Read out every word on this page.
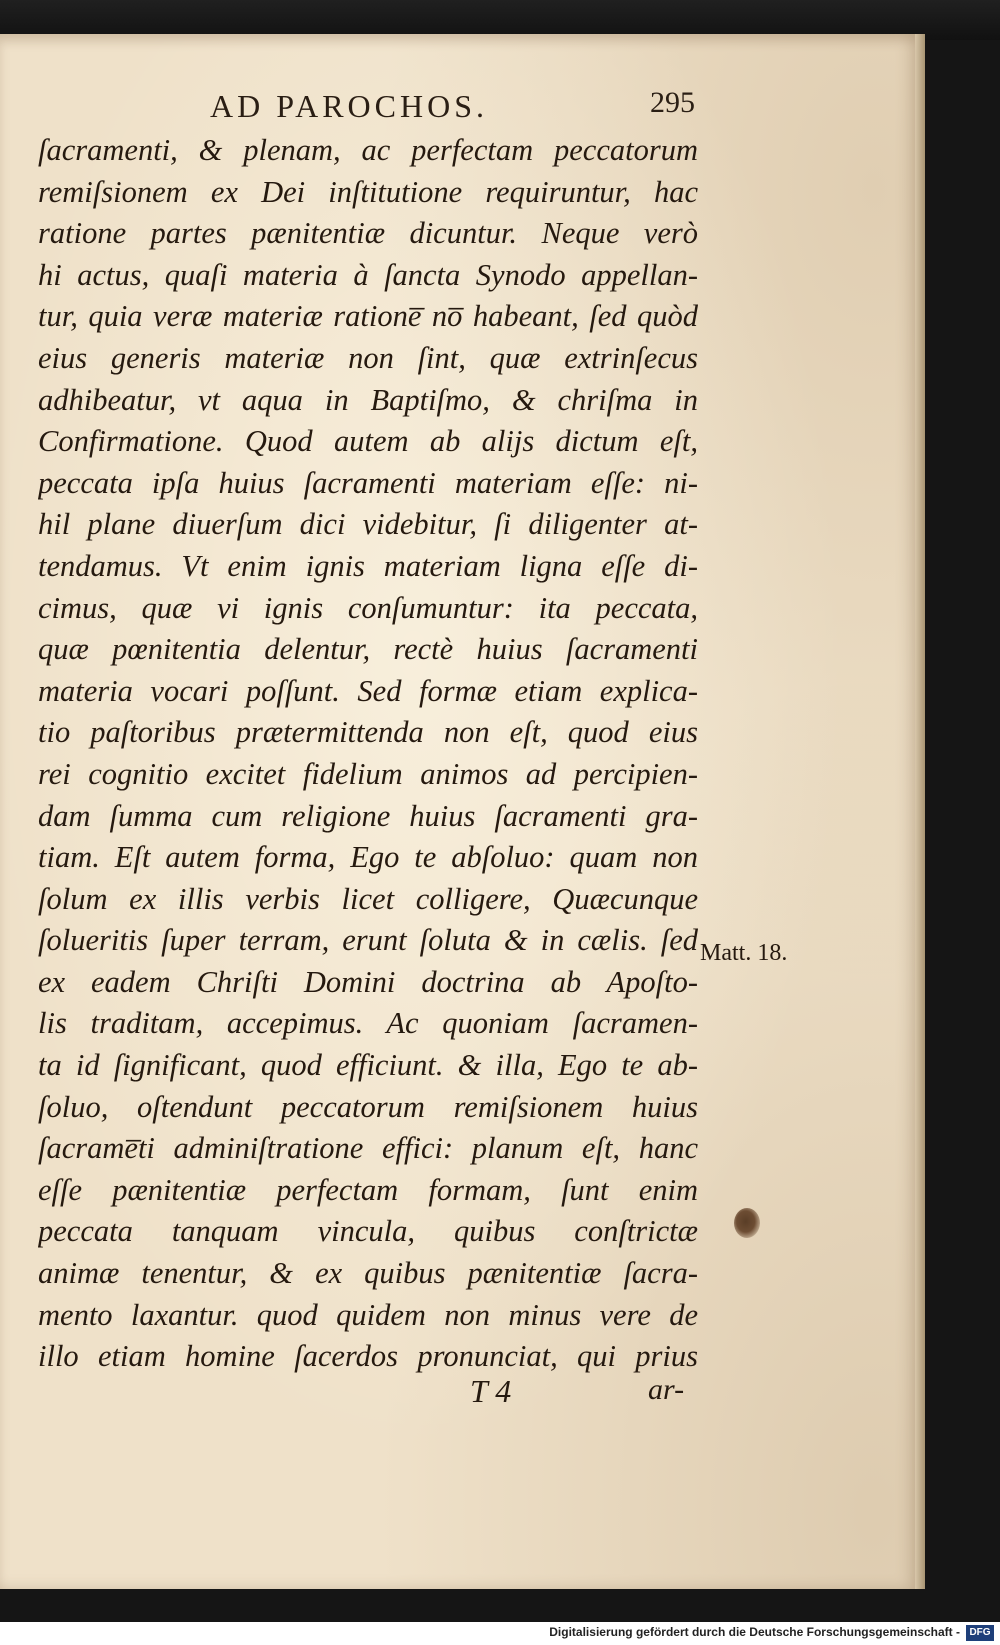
AD PAROCHOS.	295
ſacramenti, & plenam, ac perfectam peccatorum
remiſsionem ex Dei inſtitutione requiruntur, hac
ratione partes pænitentiæ dicuntur. Neque verò
hi actus, quaſi materia à ſancta Synodo appellan-
tur, quia veræ materiæ ratione̅ no̅ habeant, ſed quòd
eius generis materiæ non ſint, quæ extrinſecus
adhibeatur, vt aqua in Baptiſmo, & chriſma in
Confirmatione. Quod autem ab alijs dictum eſt,
peccata ipſa huius ſacramenti materiam eſſe: ni-
hil plane diuerſum dici videbitur, ſi diligenter at-
tendamus. Vt enim ignis materiam ligna eſſe di-
cimus, quæ vi ignis conſumuntur: ita peccata,
quæ pœnitentia delentur, rectè huius ſacramenti
materia vocari poſſunt. Sed formæ etiam explica-
tio paſtoribus prætermittenda non eſt, quod eius
rei cognitio excitet fidelium animos ad percipien-
dam ſumma cum religione huius ſacramenti gra-
tiam. Eſt autem forma, Ego te abſoluo: quam non
ſolum ex illis verbis licet colligere, Quæcunque
ſolueritis ſuper terram, erunt ſoluta & in cælis. ſed
ex eadem Chriſti Domini doctrina ab Apoſto-
lis traditam, accepimus. Ac quoniam ſacramen-
ta id ſignificant, quod efficiunt. & illa, Ego te ab-
ſoluo, oſtendunt peccatorum remiſsionem huius
ſacrame̅ti adminiſtratione effici: planum eſt, hanc
eſſe pænitentiæ perfectam formam, ſunt enim
peccata tanquam vincula, quibus conſtrictæ
animæ tenentur, & ex quibus pænitentiæ ſacra-
mento laxantur. quod quidem non minus vere de
illo etiam homine ſacerdos pronunciat, qui prius
Matt. 18.
T 4	ar-
Digitalisierung gefördert durch die Deutsche Forschungsgemeinschaft - DFG
